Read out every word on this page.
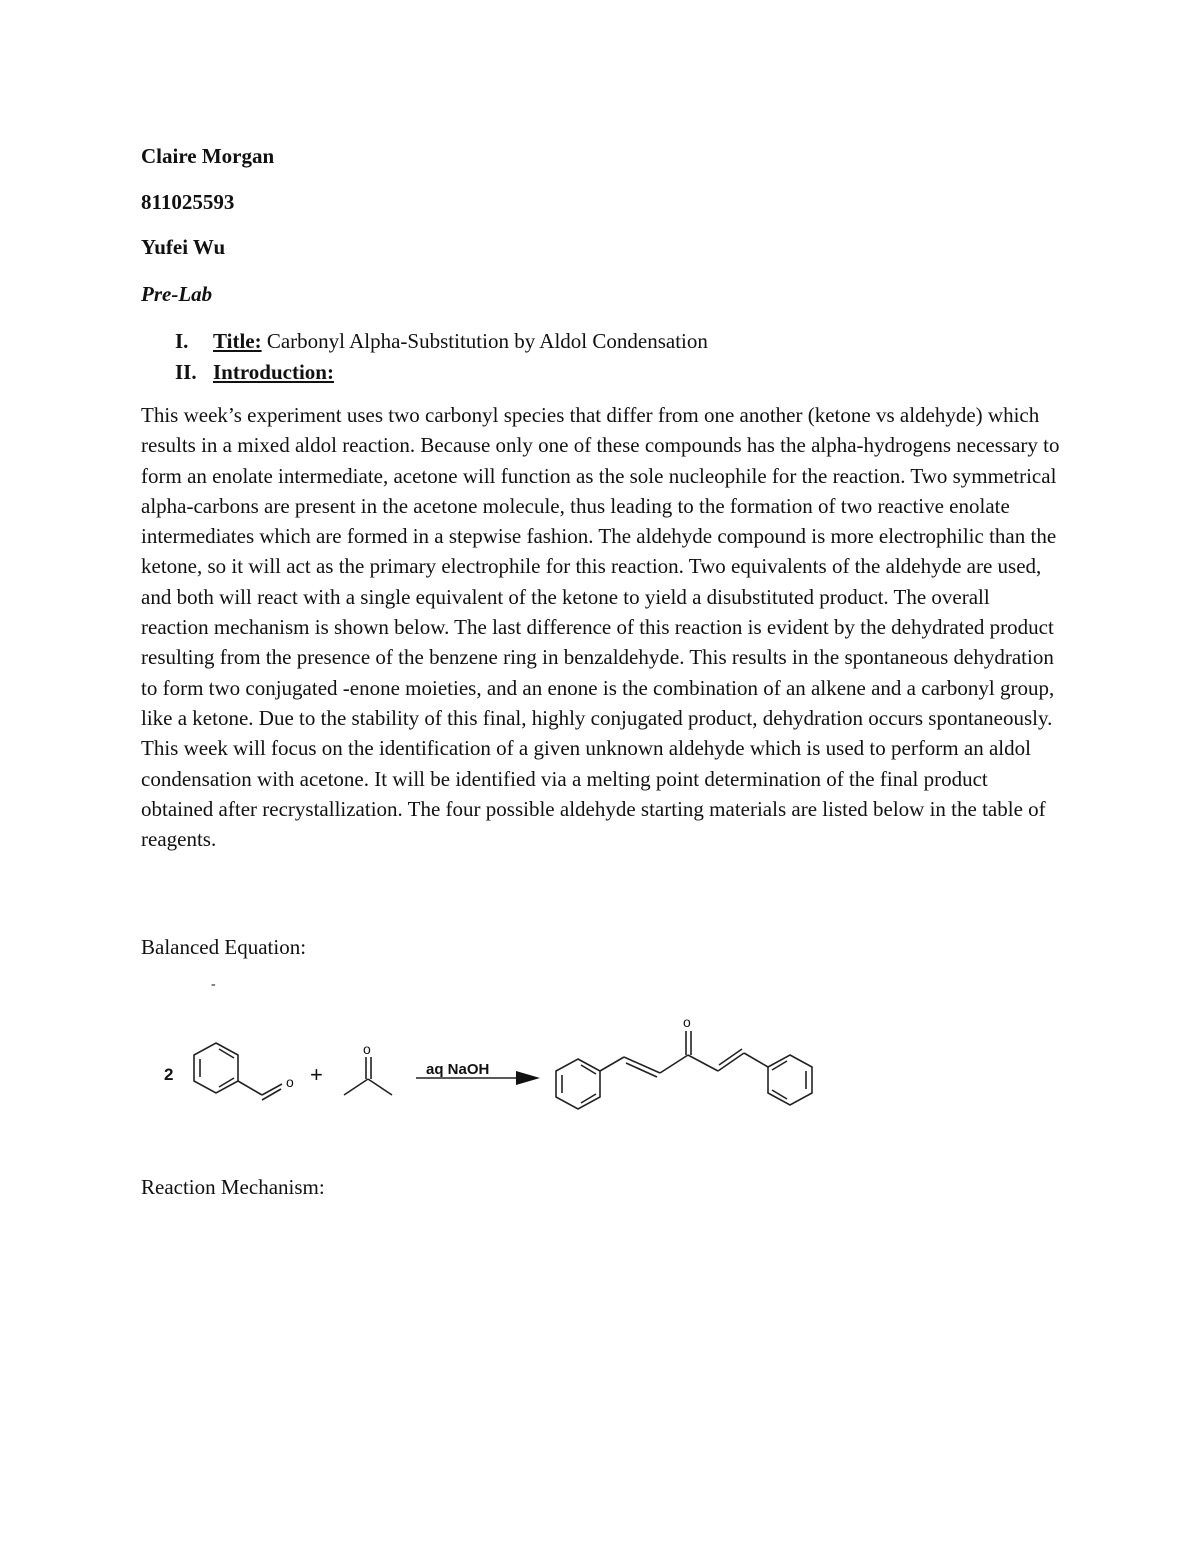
Claire Morgan

811025593

Yufei Wu

Pre-Lab

I. Title: Carbonyl Alpha-Substitution by Aldol Condensation
II. Introduction:

This week’s experiment uses two carbonyl species that differ from one another (ketone vs aldehyde) which results in a mixed aldol reaction. Because only one of these compounds has the alpha-hydrogens necessary to form an enolate intermediate, acetone will function as the sole nucleophile for the reaction. Two symmetrical alpha-carbons are present in the acetone molecule, thus leading to the formation of two reactive enolate intermediates which are formed in a stepwise fashion. The aldehyde compound is more electrophilic than the ketone, so it will act as the primary electrophile for this reaction. Two equivalents of the aldehyde are used, and both will react with a single equivalent of the ketone to yield a disubstituted product. The overall reaction mechanism is shown below. The last difference of this reaction is evident by the dehydrated product resulting from the presence of the benzene ring in benzaldehyde. This results in the spontaneous dehydration to form two conjugated -enone moieties, and an enone is the combination of an alkene and a carbonyl group, like a ketone. Due to the stability of this final, highly conjugated product, dehydration occurs spontaneously. This week will focus on the identification of a given unknown aldehyde which is used to perform an aldol condensation with acetone. It will be identified via a melting point determination of the final product obtained after recrystallization. The four possible aldehyde starting materials are listed below in the table of reagents.

Balanced Equation:

-
2	o +
o
aq NaOH
o

Reaction Mechanism:
